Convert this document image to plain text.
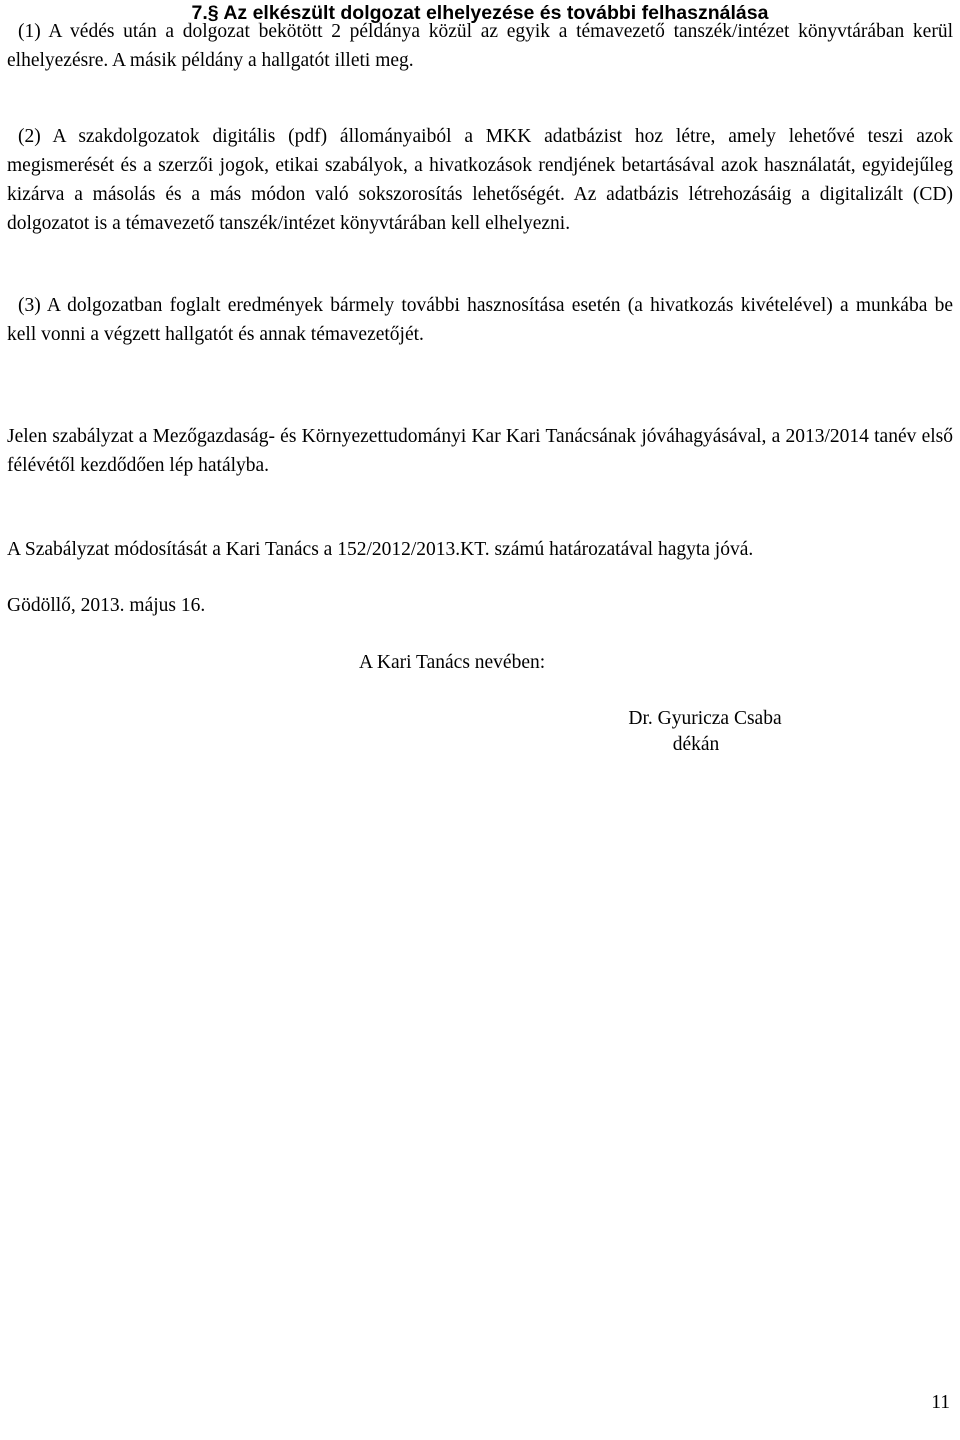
7.§ Az elkészült dolgozat elhelyezése és további felhasználása

(1) A védés után a dolgozat bekötött 2 példánya közül az egyik a témavezető tanszék/intézet könyvtárában kerül elhelyezésre. A másik példány a hallgatót illeti meg.

(2) A szakdolgozatok digitális (pdf) állományaiból a MKK adatbázist hoz létre, amely lehetővé teszi azok megismerését és a szerzői jogok, etikai szabályok, a hivatkozások rendjének betartásával azok használatát, egyidejűleg kizárva a másolás és a más módon való sokszorosítás lehetőségét. Az adatbázis létrehozásáig a digitalizált (CD) dolgozatot is a témavezető tanszék/intézet könyvtárában kell elhelyezni.

(3) A dolgozatban foglalt eredmények bármely további hasznosítása esetén (a hivatkozás kivételével) a munkába be kell vonni a végzett hallgatót és annak témavezetőjét.

Jelen szabályzat a Mezőgazdaság- és Környezettudományi Kar Kari Tanácsának jóváhagyásával, a 2013/2014 tanév első félévétől kezdődően lép hatályba.

A Szabályzat módosítását a Kari Tanács a 152/2012/2013.KT. számú határozatával hagyta jóvá.

Gödöllő, 2013. május 16.

A Kari Tanács nevében:

Dr. Gyuricza Csaba
dékán
11
